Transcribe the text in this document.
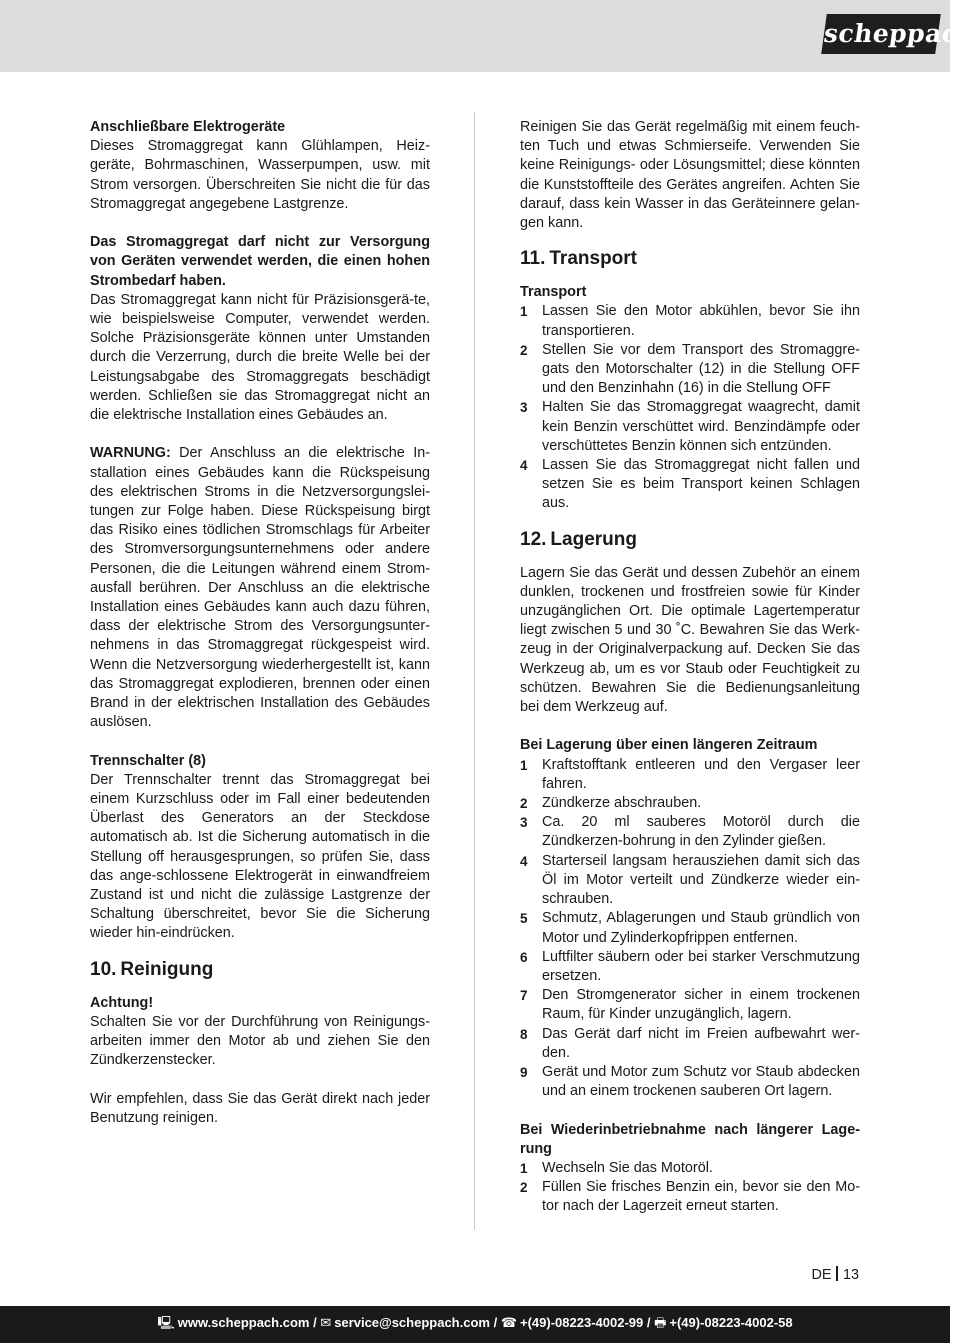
scheppach

Anschließbare Elektrogeräte

Dieses Stromaggregat kann Glühlampen, Heiz-geräte, Bohrmaschinen, Wasserpumpen, usw. mit Strom versorgen. Überschreiten Sie nicht die für das Stromaggregat angegebene Lastgrenze.

Das Stromaggregat darf nicht zur Versorgung von Geräten verwendet werden, die einen hohen Strombedarf haben.

Das Stromaggregat kann nicht für Präzisionsgerä-te, wie beispielsweise Computer, verwendet werden. Solche Präzisionsgeräte können unter Umstanden durch die Verzerrung, durch die breite Welle bei der Leistungsabgabe des Stromaggregats beschädigt werden. Schließen sie das Stromaggregat nicht an die elektrische Installation eines Gebäudes an.

WARNUNG: Der Anschluss an die elektrische In-stallation eines Gebäudes kann die Rückspeisung des elektrischen Stroms in die Netzversorgungslei-tungen zur Folge haben. Diese Rückspeisung birgt das Risiko eines tödlichen Stromschlags für Arbeiter des Stromversorgungsunternehmens oder andere Personen, die die Leitungen während einem Strom-ausfall berühren. Der Anschluss an die elektrische Installation eines Gebäudes kann auch dazu führen, dass der elektrische Strom des Versorgungsunter-nehmens in das Stromaggregat rückgespeist wird. Wenn die Netzversorgung wiederhergestellt ist, kann das Stromaggregat explodieren, brennen oder einen Brand in der elektrischen Installation des Gebäudes auslösen.

Trennschalter (8)

Der Trennschalter trennt das Stromaggregat bei einem Kurzschluss oder im Fall einer bedeutenden Überlast des Generators an der Steckdose automatisch ab. Ist die Sicherung automatisch in die Stellung off herausgesprungen, so prüfen Sie, dass das ange-schlossene Elektrogerät in einwandfreiem Zustand ist und nicht die zulässige Lastgrenze der Schaltung überschreitet, bevor Sie die Sicherung wieder hin-eindrücken.

10. Reinigung

Achtung!

Schalten Sie vor der Durchführung von Reinigungs-arbeiten immer den Motor ab und ziehen Sie den Zündkerzenstecker.

Wir empfehlen, dass Sie das Gerät direkt nach jeder Benutzung reinigen.

Reinigen Sie das Gerät regelmäßig mit einem feuch-ten Tuch und etwas Schmierseife. Verwenden Sie keine Reinigungs- oder Lösungsmittel; diese könnten die Kunststoffteile des Gerätes angreifen. Achten Sie darauf, dass kein Wasser in das Geräteinnere gelan-gen kann.

11. Transport

Transport

1	Lassen Sie den Motor abkühlen, bevor Sie ihn transportieren.
2	Stellen Sie vor dem Transport des Stromaggre-gats den Motorschalter (12) in die Stellung OFF und den Benzinhahn (16) in die Stellung OFF
3	Halten Sie das Stromaggregat waagrecht, damit kein Benzin verschüttet wird. Benzindämpfe oder verschüttetes Benzin können sich entzünden.
4	Lassen Sie das Stromaggregat nicht fallen und setzen Sie es beim Transport keinen Schlagen aus.
12. Lagerung

Lagern Sie das Gerät und dessen Zubehör an einem dunklen, trockenen und frostfreien sowie für Kinder unzugänglichen Ort. Die optimale Lagertemperatur liegt zwischen 5 und 30 ˚C. Bewahren Sie das Werk-zeug in der Originalverpackung auf. Decken Sie das Werkzeug ab, um es vor Staub oder Feuchtigkeit zu schützen. Bewahren Sie die Bedienungsanleitung bei dem Werkzeug auf.

Bei Lagerung über einen längeren Zeitraum

1	Kraftstofftank entleeren und den Vergaser leer fahren.
2	Zündkerze abschrauben.
3	Ca. 20 ml sauberes Motoröl durch die Zündkerzen-bohrung in den Zylinder gießen.
4	Starterseil langsam herausziehen damit sich das Öl im Motor verteilt und Zündkerze wieder ein-schrauben.
5	Schmutz, Ablagerungen und Staub gründlich von Motor und Zylinderkopfrippen entfernen.
6	Luftfilter säubern oder bei starker Verschmutzung ersetzen.
7	Den Stromgenerator sicher in einem trockenen Raum, für Kinder unzugänglich, lagern.
8	Das Gerät darf nicht im Freien aufbewahrt wer-den.
9	Gerät und Motor zum Schutz vor Staub abdecken und an einem trockenen sauberen Ort lagern.

Bei Wiederinbetriebnahme nach längerer Lage-rung

1	Wechseln Sie das Motoröl.
2	Füllen Sie frisches Benzin ein, bevor sie den Mo-tor nach der Lagerzeit erneut starten.
DE 13
🖳 www.scheppach.com / ✉ service@scheppach.com / ☎ +(49)-08223-4002-99 / 🖶 +(49)-08223-4002-58
